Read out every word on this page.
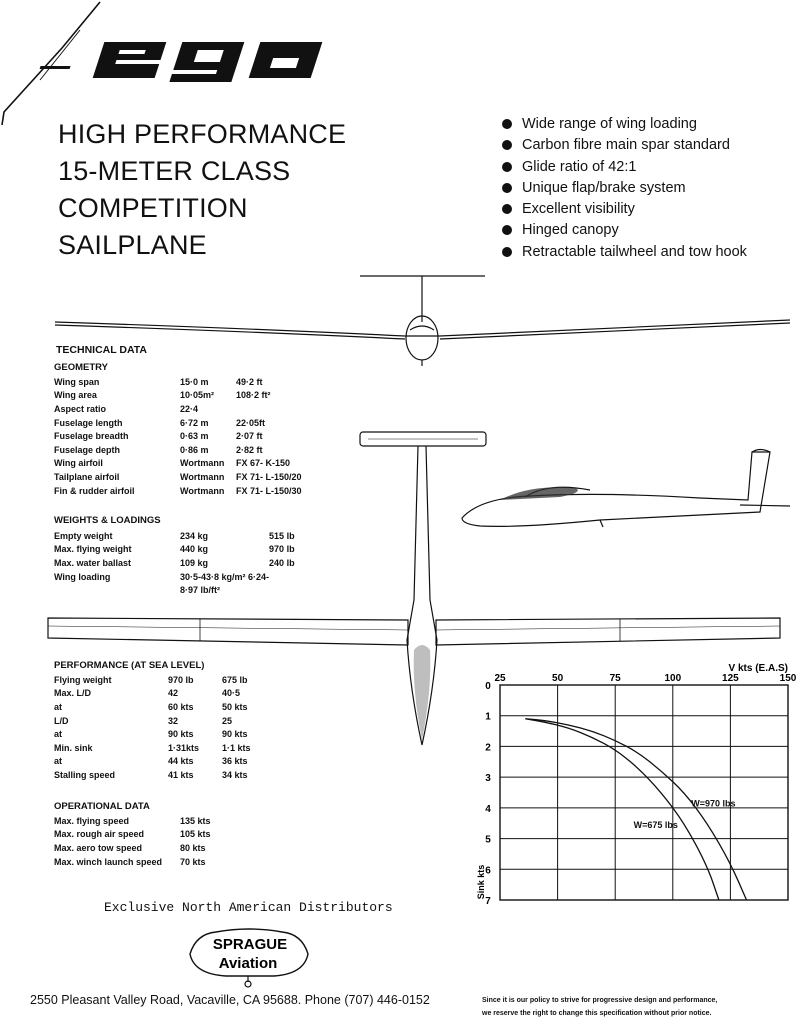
HIGH PERFORMANCE
15-METER CLASS
COMPETITION
SAILPLANE
Wide range of wing loading
Carbon fibre main spar standard
Glide ratio of 42:1
Unique flap/brake system
Excellent visibility
Hinged canopy
Retractable tailwheel and tow hook
TECHNICAL DATA
GEOMETRY
Wing span	15·0 m	49·2 ft
Wing area	10·05m²	108·2 ft²
Aspect ratio	22·4	
Fuselage length	6·72 m	22·05ft
Fuselage breadth	0·63 m	2·07 ft
Fuselage depth	0·86 m	2·82 ft
Wing airfoil	Wortmann	FX 67- K-150
Tailplane airfoil	Wortmann	FX 71- L-150/20
Fin & rudder airfoil	Wortmann	FX 71- L-150/30
WEIGHTS & LOADINGS
Empty weight	234 kg	515 lb
Max. flying weight	440 kg	970 lb
Max. water ballast	109 kg	240 lb
Wing loading	30·5-43·8 kg/m² 6·24-	
	8·97 lb/ft²	
PERFORMANCE (AT SEA LEVEL)
Flying weight	970 lb	675 lb
Max. L/D	42	40·5
at	60 kts	50 kts
L/D	32	25
at	90 kts	90 kts
Min. sink	1·31kts	1·1 kts
at	44 kts	36 kts
Stalling speed	41 kts	34 kts
OPERATIONAL DATA
Max. flying speed	135 kts
Max. rough air speed	105 kts
Max. aero tow speed	80 kts
Max. winch launch speed	70 kts
25	50	75	100	125	150
0
1
2
3
4
5
6
7
V kts (E.A.S)
Sink kts
W=970 lbs
W=675 lbs
Exclusive North American Distributors
SPRAGUE
Aviation
2550 Pleasant Valley Road, Vacaville, CA 95688. Phone (707) 446-0152	Since it is our policy to strive for progressive design and performance,
we reserve the right to change this specification without prior notice.
